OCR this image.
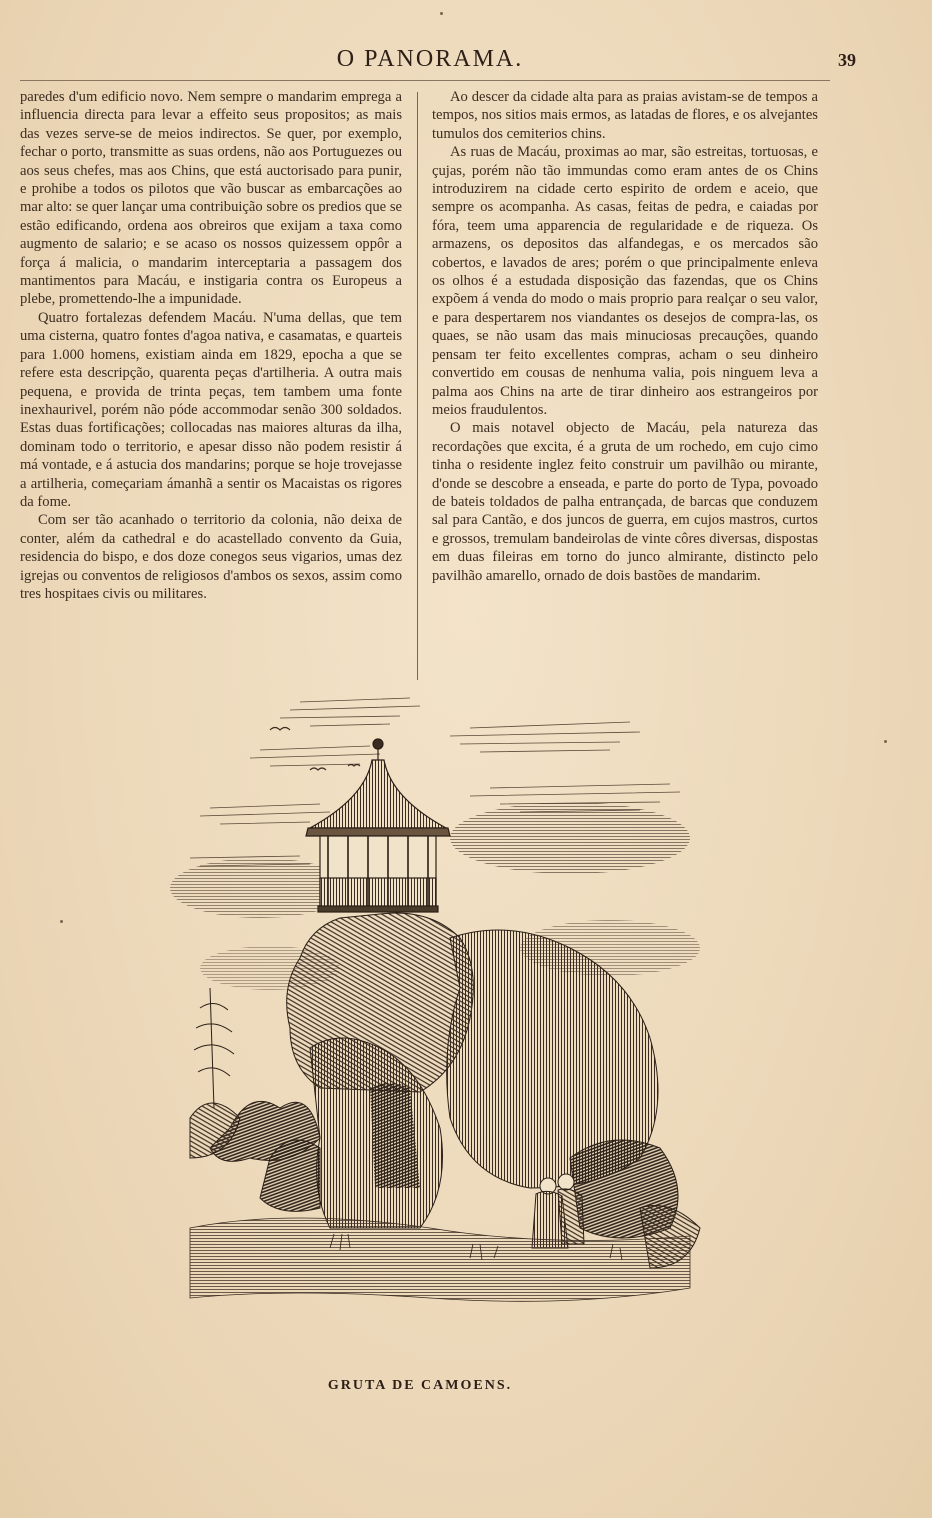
O PANORAMA.	39

paredes d'um edificio novo. Nem sempre o mandarim emprega a influencia directa para levar a effeito seus propositos; as mais das vezes serve-se de meios indirectos. Se quer, por exemplo, fechar o porto, transmitte as suas ordens, não aos Portuguezes ou aos seus chefes, mas aos Chins, que está auctorisado para punir, e prohibe a todos os pilotos que vão buscar as embarcações ao mar alto: se quer lançar uma contribuição sobre os predios que se estão edificando, ordena aos obreiros que exijam a taxa como augmento de salario; e se acaso os nossos quizessem oppôr a força á malicia, o mandarim interceptaria a passagem dos mantimentos para Macáu, e instigaria contra os Europeus a plebe, promettendo-lhe a impunidade.

Quatro fortalezas defendem Macáu. N'uma dellas, que tem uma cisterna, quatro fontes d'agoa nativa, e casamatas, e quarteis para 1.000 homens, existiam ainda em 1829, epocha a que se refere esta descripção, quarenta peças d'artilheria. A outra mais pequena, e provida de trinta peças, tem tambem uma fonte inexhaurivel, porém não póde accommodar senão 300 soldados. Estas duas fortificações; collocadas nas maiores alturas da ilha, dominam todo o territorio, e apesar disso não podem resistir á má vontade, e á astucia dos mandarins; porque se hoje trovejasse a artilheria, começariam ámanhã a sentir os Macaistas os rigores da fome.

Com ser tão acanhado o territorio da colonia, não deixa de conter, além da cathedral e do acastellado convento da Guia, residencia do bispo, e dos doze conegos seus vigarios, umas dez igrejas ou conventos de religiosos d'ambos os sexos, assim como tres hospitaes civis ou militares.

Ao descer da cidade alta para as praias avistam-se de tempos a tempos, nos sitios mais ermos, as latadas de flores, e os alvejantes tumulos dos cemiterios chins.

As ruas de Macáu, proximas ao mar, são estreitas, tortuosas, e çujas, porém não tão immundas como eram antes de os Chins introduzirem na cidade certo espirito de ordem e aceio, que sempre os acompanha. As casas, feitas de pedra, e caiadas por fóra, teem uma apparencia de regularidade e de riqueza. Os armazens, os depositos das alfandegas, e os mercados são cobertos, e lavados de ares; porém o que principalmente enleva os olhos é a estudada disposição das fazendas, que os Chins expõem á venda do modo o mais proprio para realçar o seu valor, e para despertarem nos viandantes os desejos de compra-las, os quaes, se não usam das mais minuciosas precauções, quando pensam ter feito excellentes compras, acham o seu dinheiro convertido em cousas de nenhuma valia, pois ninguem leva a palma aos Chins na arte de tirar dinheiro aos estrangeiros por meios fraudulentos.

O mais notavel objecto de Macáu, pela natureza das recordações que excita, é a gruta de um rochedo, em cujo cimo tinha o residente inglez feito construir um pavilhão ou mirante, d'onde se descobre a enseada, e parte do porto de Typa, povoado de bateis toldados de palha entrançada, de barcas que conduzem sal para Cantão, e dos juncos de guerra, em cujos mastros, curtos e grossos, tremulam bandeirolas de vinte côres diversas, dispostas em duas fileiras em torno do junco almirante, distincto pelo pavilhão amarello, ornado de dois bastões de mandarim.

GRUTA DE CAMOENS.
